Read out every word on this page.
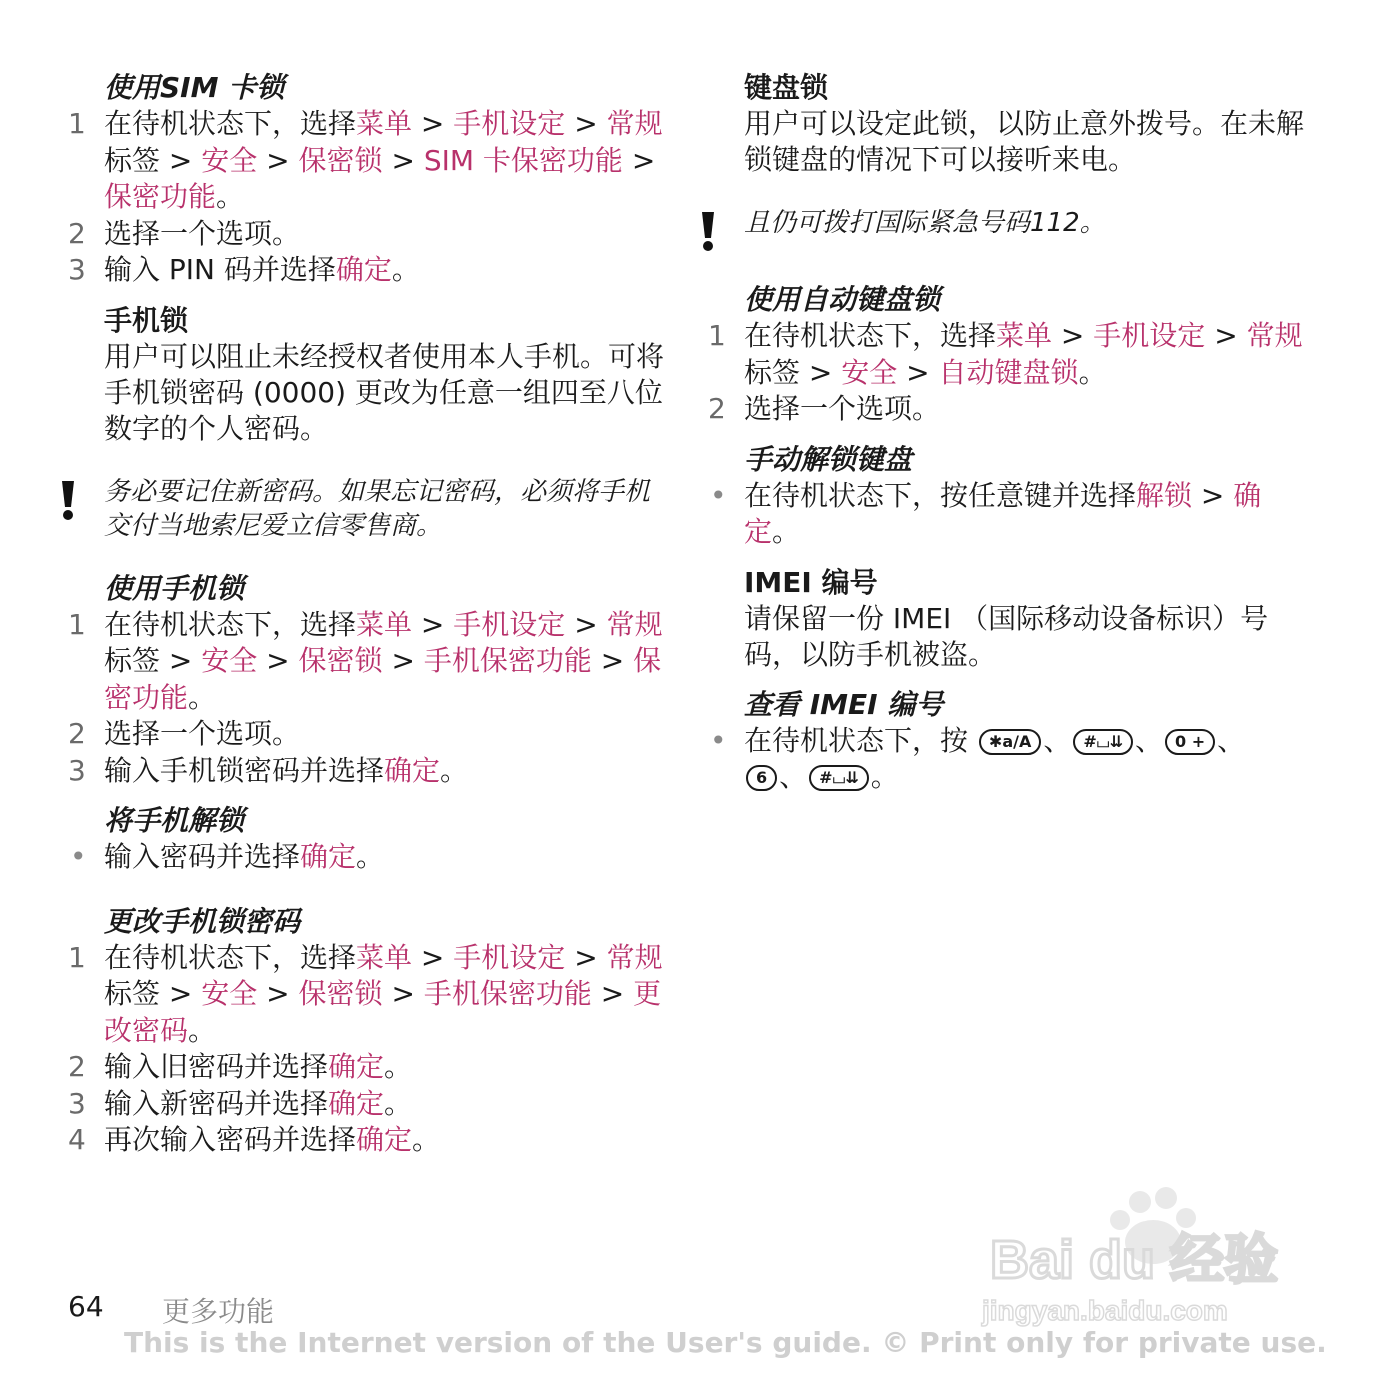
使用SIM 卡锁
1 在待机状态下，选择菜单 > 手机设定 > 常规标签 > 安全 > 保密锁 > SIM 卡保密功能 > 保密功能。
2 选择一个选项。
3 输入 PIN 码并选择确定。
手机锁

用户可以阻止未经授权者使用本人手机。可将手机锁密码 (0000) 更改为任意一组四至八位数字的个人密码。

务必要记住新密码。如果忘记密码，必须将手机交付当地索尼爱立信零售商。

使用手机锁
1 在待机状态下，选择菜单 > 手机设定 > 常规标签 > 安全 > 保密锁 > 手机保密功能 > 保密功能。
2 选择一个选项。
3 输入手机锁密码并选择确定。
将手机解锁
• 输入密码并选择确定。
更改手机锁密码
1 在待机状态下，选择菜单 > 手机设定 > 常规标签 > 安全 > 保密锁 > 手机保密功能 > 更改密码。
2 输入旧密码并选择确定。
3 输入新密码并选择确定。
4 再次输入密码并选择确定。
键盘锁

用户可以设定此锁，以防止意外拨号。在未解锁键盘的情况下可以接听来电。

且仍可拨打国际紧急号码112。

使用自动键盘锁
1 在待机状态下，选择菜单 > 手机设定 > 常规标签 > 安全 > 自动键盘锁。
2 选择一个选项。
手动解锁键盘
• 在待机状态下，按任意键并选择解锁 > 确定。
IMEI 编号

请保留一份 IMEI （国际移动设备标识）号码，以防手机被盗。

查看 IMEI 编号
• 在待机状态下，按 ✱a/A 、 #⌴⇊ 、 0 + 、
6 、 #⌴⇊ 。
Bai du 经验
jingyan.baidu.com
64 更多功能
This is the Internet version of the User's guide. © Print only for private use.
